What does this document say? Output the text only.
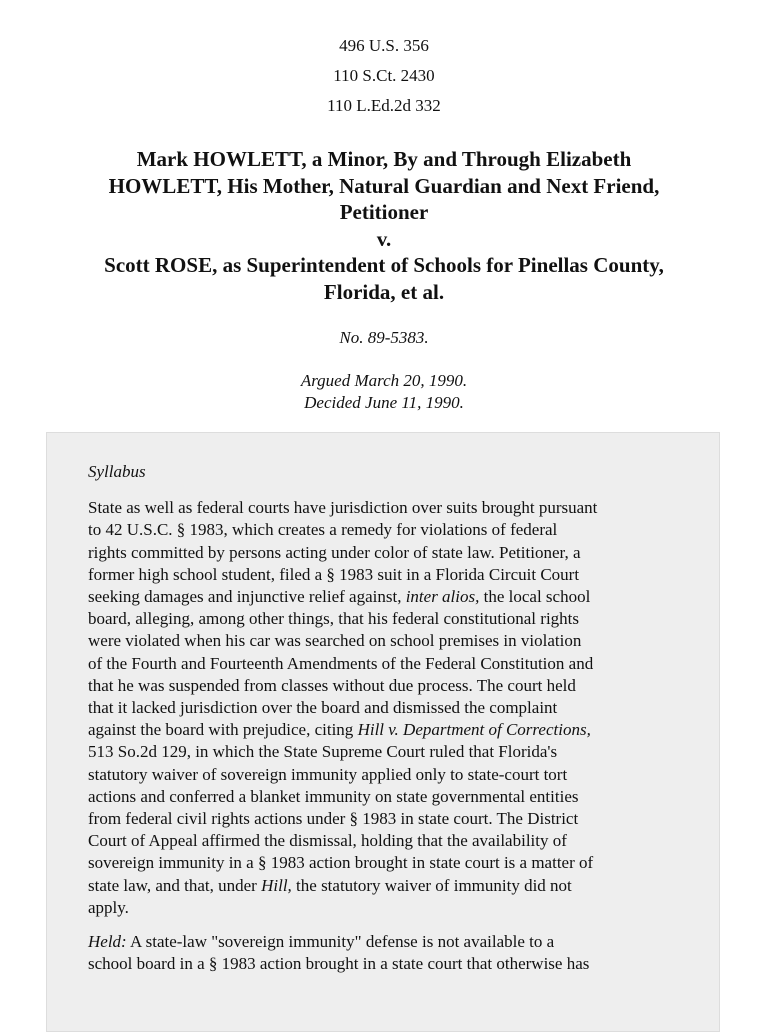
496 U.S. 356
110 S.Ct. 2430
110 L.Ed.2d 332
Mark HOWLETT, a Minor, By and Through Elizabeth
HOWLETT, His Mother, Natural Guardian and Next Friend,
Petitioner
v.
Scott ROSE, as Superintendent of Schools for Pinellas County,
Florida, et al.
No. 89-5383.
Argued March 20, 1990.
Decided June 11, 1990.
Syllabus
State as well as federal courts have jurisdiction over suits brought pursuant
to 42 U.S.C. § 1983, which creates a remedy for violations of federal
rights committed by persons acting under color of state law. Petitioner, a
former high school student, filed a § 1983 suit in a Florida Circuit Court
seeking damages and injunctive relief against, inter alios, the local school
board, alleging, among other things, that his federal constitutional rights
were violated when his car was searched on school premises in violation
of the Fourth and Fourteenth Amendments of the Federal Constitution and
that he was suspended from classes without due process. The court held
that it lacked jurisdiction over the board and dismissed the complaint
against the board with prejudice, citing Hill v. Department of Corrections,
513 So.2d 129, in which the State Supreme Court ruled that Florida's
statutory waiver of sovereign immunity applied only to state-court tort
actions and conferred a blanket immunity on state governmental entities
from federal civil rights actions under § 1983 in state court. The District
Court of Appeal affirmed the dismissal, holding that the availability of
sovereign immunity in a § 1983 action brought in state court is a matter of
state law, and that, under Hill, the statutory waiver of immunity did not
apply.
Held: A state-law "sovereign immunity" defense is not available to a
school board in a § 1983 action brought in a state court that otherwise has
